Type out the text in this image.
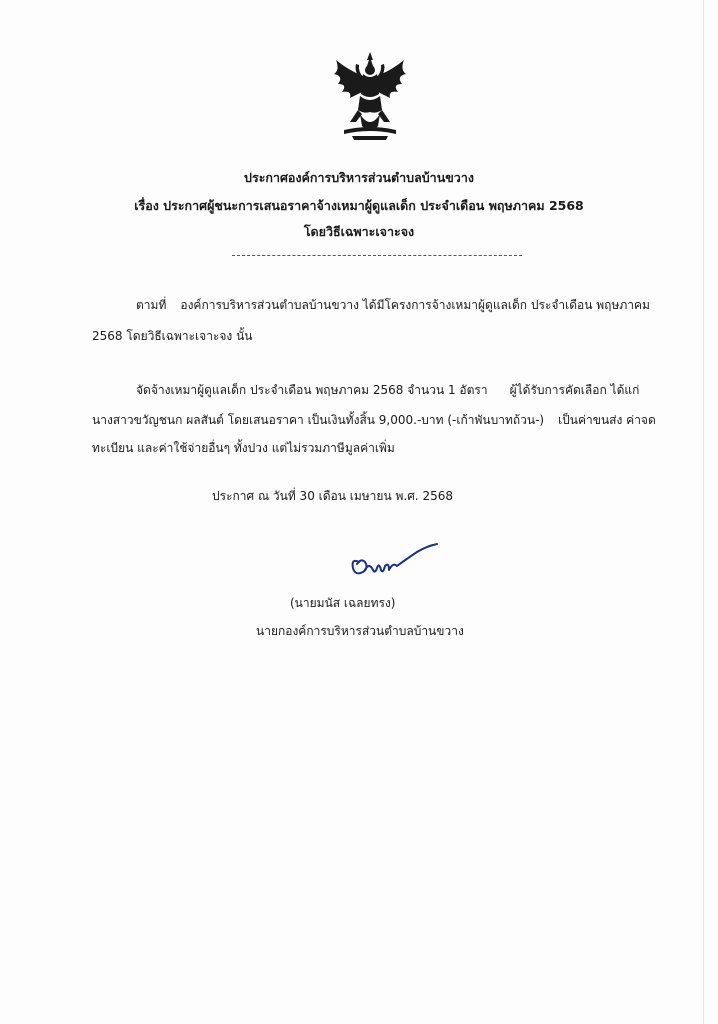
ประกาศองค์การบริหารส่วนตำบลบ้านขวาง
เรื่อง ประกาศผู้ชนะการเสนอราคาจ้างเหมาผู้ดูแลเด็ก ประจำเดือน พฤษภาคม 2568
โดยวิธีเฉพาะเจาะจง
ตามที่ องค์การบริหารส่วนตำบลบ้านขวาง ได้มีโครงการจ้างเหมาผู้ดูแลเด็ก ประจำเดือน พฤษภาคม
2568 โดยวิธีเฉพาะเจาะจง นั้น
จัดจ้างเหมาผู้ดูแลเด็ก ประจำเดือน พฤษภาคม 2568 จำนวน 1 อัตรา ผู้ได้รับการคัดเลือก ได้แก่
นางสาวขวัญชนก ผลสันต์ โดยเสนอราคา เป็นเงินทั้งสิ้น 9,000.-บาท (-เก้าพันบาทถ้วน-) เป็นค่าขนส่ง ค่าจด
ทะเบียน และค่าใช้จ่ายอื่นๆ ทั้งปวง แต่ไม่รวมภาษีมูลค่าเพิ่ม
ประกาศ ณ วันที่ 30 เดือน เมษายน พ.ศ. 2568
(นายมนัส เฉลยทรง)
นายกองค์การบริหารส่วนตำบลบ้านขวาง
